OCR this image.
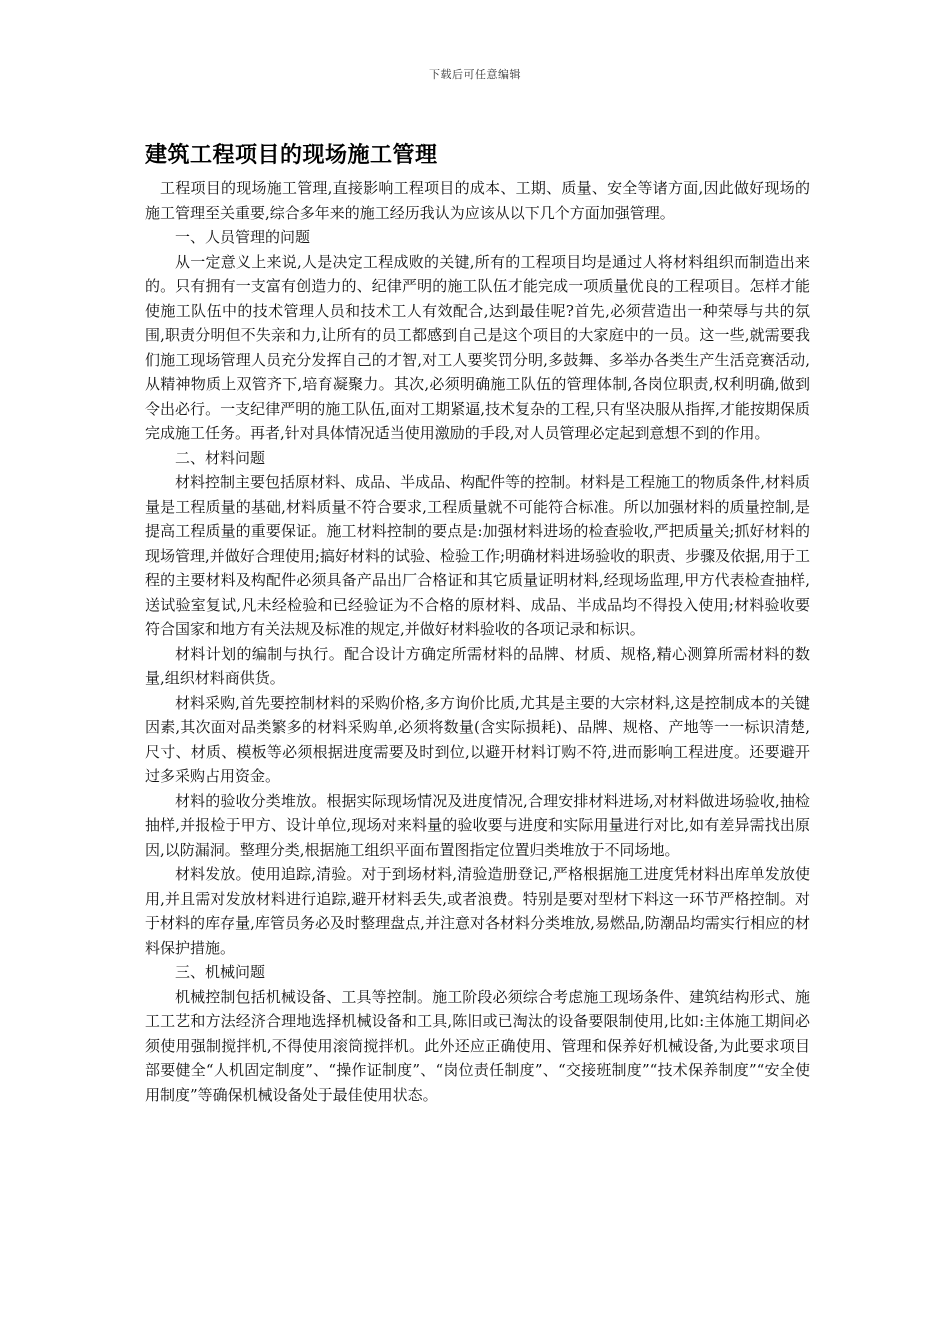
下载后可任意编辑
建筑工程项目的现场施工管理

工程项目的现场施工管理,直接影响工程项目的成本、工期、质量、安全等诸方面,因此做好现场的施工管理至关重要,综合多年来的施工经历我认为应该从以下几个方面加强管理。

一、人员管理的问题

从一定意义上来说,人是决定工程成败的关键,所有的工程项目均是通过人将材料组织而制造出来的。只有拥有一支富有创造力的、纪律严明的施工队伍才能完成一项质量优良的工程项目。怎样才能使施工队伍中的技术管理人员和技术工人有效配合,达到最佳呢?首先,必须营造出一种荣辱与共的氛围,职责分明但不失亲和力,让所有的员工都感到自己是这个项目的大家庭中的一员。这一些,就需要我们施工现场管理人员充分发挥自己的才智,对工人要奖罚分明,多鼓舞、多举办各类生产生活竞赛活动,从精神物质上双管齐下,培育凝聚力。其次,必须明确施工队伍的管理体制,各岗位职责,权利明确,做到令出必行。一支纪律严明的施工队伍,面对工期紧逼,技术复杂的工程,只有坚决服从指挥,才能按期保质完成施工任务。再者,针对具体情况适当使用激励的手段,对人员管理必定起到意想不到的作用。

二、材料问题

材料控制主要包括原材料、成品、半成品、构配件等的控制。材料是工程施工的物质条件,材料质量是工程质量的基础,材料质量不符合要求,工程质量就不可能符合标准。所以加强材料的质量控制,是提高工程质量的重要保证。施工材料控制的要点是:加强材料进场的检查验收,严把质量关;抓好材料的现场管理,并做好合理使用;搞好材料的试验、检验工作;明确材料进场验收的职责、步骤及依据,用于工程的主要材料及构配件必须具备产品出厂合格证和其它质量证明材料,经现场监理,甲方代表检查抽样,送试验室复试,凡未经检验和已经验证为不合格的原材料、成品、半成品均不得投入使用;材料验收要符合国家和地方有关法规及标准的规定,并做好材料验收的各项记录和标识。

材料计划的编制与执行。配合设计方确定所需材料的品牌、材质、规格,精心测算所需材料的数量,组织材料商供货。

材料采购,首先要控制材料的采购价格,多方询价比质,尤其是主要的大宗材料,这是控制成本的关键因素,其次面对品类繁多的材料采购单,必须将数量(含实际损耗)、品牌、规格、产地等一一标识清楚,尺寸、材质、模板等必须根据进度需要及时到位,以避开材料订购不符,进而影响工程进度。还要避开过多采购占用资金。

材料的验收分类堆放。根据实际现场情况及进度情况,合理安排材料进场,对材料做进场验收,抽检抽样,并报检于甲方、设计单位,现场对来料量的验收要与进度和实际用量进行对比,如有差异需找出原因,以防漏洞。整理分类,根据施工组织平面布置图指定位置归类堆放于不同场地。

材料发放。使用追踪,清验。对于到场材料,清验造册登记,严格根据施工进度凭材料出库单发放使用,并且需对发放材料进行追踪,避开材料丢失,或者浪费。特别是要对型材下料这一环节严格控制。对于材料的库存量,库管员务必及时整理盘点,并注意对各材料分类堆放,易燃品,防潮品均需实行相应的材料保护措施。

三、机械问题

机械控制包括机械设备、工具等控制。施工阶段必须综合考虑施工现场条件、建筑结构形式、施工工艺和方法经济合理地选择机械设备和工具,陈旧或已淘汰的设备要限制使用,比如:主体施工期间必须使用强制搅拌机,不得使用滚筒搅拌机。此外还应正确使用、管理和保养好机械设备,为此要求项目部要健全“人机固定制度”、“操作证制度”、“岗位责任制度”、“交接班制度”“技术保养制度”“安全使用制度”等确保机械设备处于最佳使用状态。
